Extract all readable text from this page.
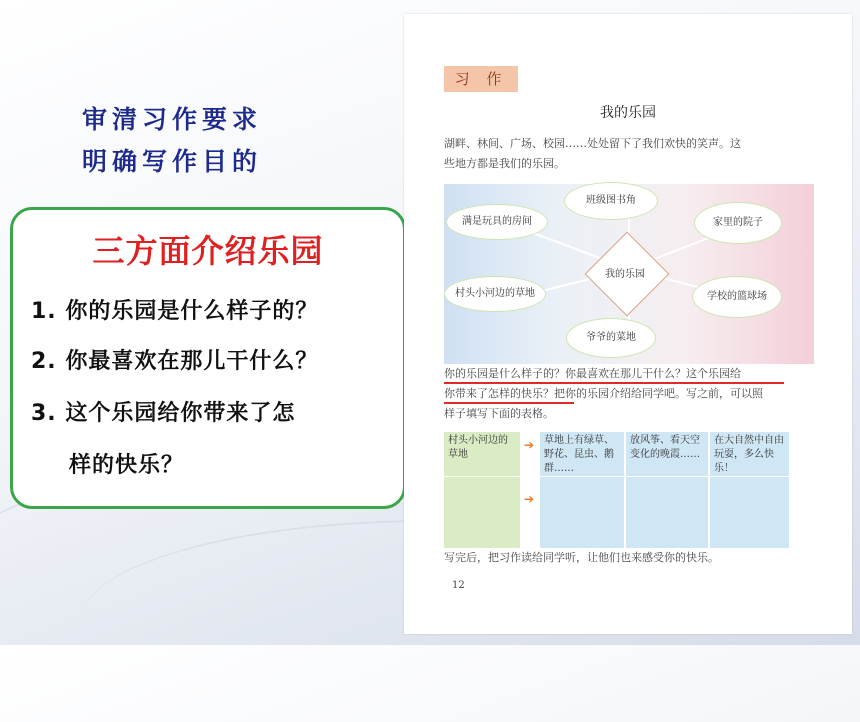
审清习作要求
明确写作目的
三方面介绍乐园
1. 你的乐园是什么样子的？
2. 你最喜欢在那儿干什么？
3. 这个乐园给你带来了怎
样的快乐？
习 作
我的乐园
湖畔、林间、广场、校园……处处留下了我们欢快的笑声。这
些地方都是我们的乐园。
班级图书角
满是玩具的房间	家里的院子
村头小河边的草地	学校的篮球场
爷爷的菜地
我的乐园
你的乐园是什么样子的？你最喜欢在那儿干什么？这个乐园给
你带来了怎样的快乐？把你的乐园介绍给同学吧。写之前，可以照
样子填写下面的表格。
村头小河边的草地
草地上有绿草、野花、昆虫、鹅群……
放风筝、看天空变化的晚霞……
在大自然中自由玩耍，多么快乐！
➔
➔
写完后，把习作读给同学听，让他们也来感受你的快乐。
12
